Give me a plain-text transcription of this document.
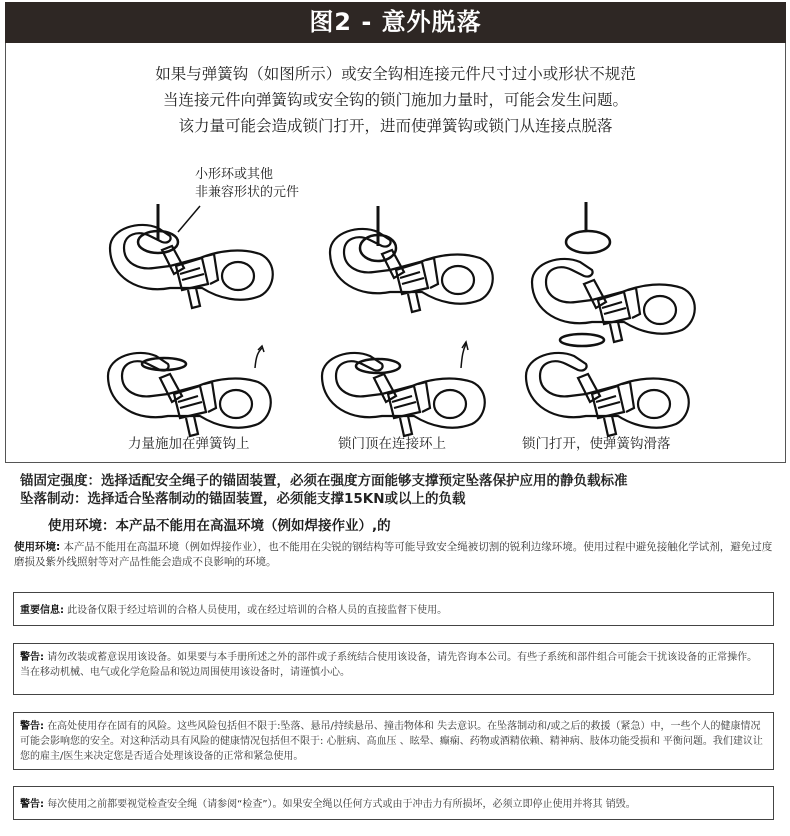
图2 - 意外脱落
如果与弹簧钩（如图所示）或安全钩相连接元件尺寸过小或形状不规范
当连接元件向弹簧钩或安全钩的锁门施加力量时，可能会发生问题。
该力量可能会造成锁门打开，进而使弹簧钩或锁门从连接点脱落
小形环或其他
非兼容形状的元件
力量施加在弹簧钩上	锁门顶在连接环上	锁门打开，使弹簧钩滑落
锚固定强度：选择适配安全绳子的锚固装置，必须在强度方面能够支撑预定坠落保护应用的静负载标准
坠落制动：选择适合坠落制动的锚固装置，必须能支撑15KN或以上的负载
使用环境：本产品不能用在高温环境（例如焊接作业）,的
使用环境: 本产品不能用在高温环境（例如焊接作业），也不能用在尖锐的钢结构等可能导致安全绳被切割的锐利边缘环境。使用过程中避免接触化学试剂，避免过度磨损及紫外线照射等对产品性能会造成不良影响的环境。
重要信息: 此设备仅限于经过培训的合格人员使用，或在经过培训的合格人员的直接监督下使用。
警告: 请勿改装或蓄意误用该设备。如果要与本手册所述之外的部件或子系统结合使用该设备，请先咨询本公司。有些子系统和部件组合可能会干扰该设备的正常操作。当在移动机械、电气或化学危险品和锐边周围使用该设备时，请谨慎小心。
警告: 在高处使用存在固有的风险。这些风险包括但不限于:坠落、悬吊/持续悬吊、撞击物体和 失去意识。在坠落制动和/或之后的救援（紧急）中，一些个人的健康情况可能会影响您的安全。对这种活动具有风险的健康情况包括但不限于: 心脏病、高血压 、眩晕、癫痫、药物或酒精依赖、精神病、肢体功能受损和 平衡问题。我们建议让您的雇主/医生来决定您是否适合处理该设备的正常和紧急使用。
警告: 每次使用之前都要视觉检查安全绳（请参阅“检查”）。如果安全绳以任何方式或由于冲击力有所损坏，必须立即停止使用并将其 销毁。
